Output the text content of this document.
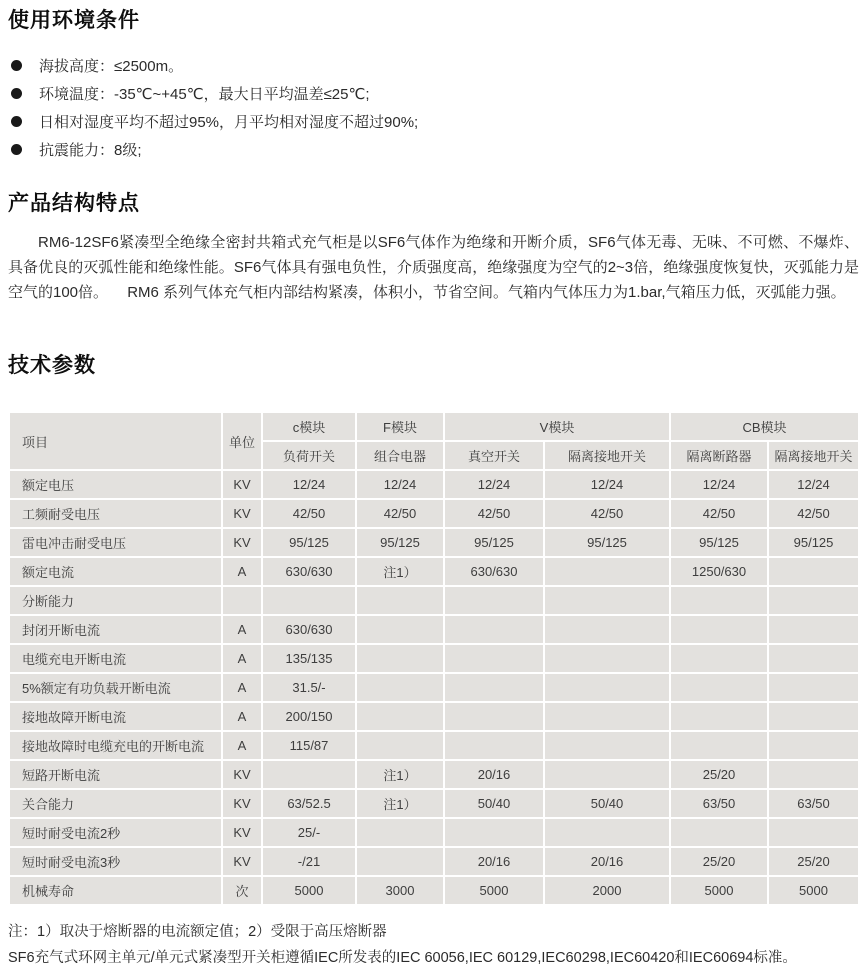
使用环境条件
海拔高度：≤2500m。
环境温度：-35℃~+45℃，最大日平均温差≤25℃;
日相对湿度平均不超过95%，月平均相对湿度不超过90%;
抗震能力：8级;
产品结构特点

RM6-12SF6紧凑型全绝缘全密封共箱式充气柜是以SF6气体作为绝缘和开断介质，SF6气体无毒、无味、不可燃、不爆炸、具备优良的灭弧性能和绝缘性能。SF6气体具有强电负性，介质强度高，绝缘强度为空气的2~3倍，绝缘强度恢复快，灭弧能力是空气的100倍。 　RM6 系列气体充气柜内部结构紧凑，体积小，节省空间。气箱内气体压力为1.bar,气箱压力低，灭弧能力强。

技术参数
项目	单位	c模块	F模块	V模块		CB模块	
		负荷开关	组合电器	真空开关	隔离接地开关	隔离断路器	隔离接地开关
额定电压	KV	12/24	12/24	12/24	12/24	12/24	12/24
工频耐受电压	KV	42/50	42/50	42/50	42/50	42/50	42/50
雷电冲击耐受电压	KV	95/125	95/125	95/125	95/125	95/125	95/125
额定电流	A	630/630	注1）	630/630		1250/630	
分断能力							
封闭开断电流	A	630/630					
电缆充电开断电流	A	135/135					
5%额定有功负载开断电流	A	31.5/-					
接地故障开断电流	A	200/150					
接地故障时电缆充电的开断电流	A	115/87					
短路开断电流	KV		注1）	20/16		25/20	
关合能力	KV	63/52.5	注1）	50/40	50/40	63/50	63/50
短时耐受电流2秒	KV	25/-					
短时耐受电流3秒	KV	-/21		20/16	20/16	25/20	25/20
机械寿命	次	5000	3000	5000	2000	5000	5000
注：1）取决于熔断器的电流额定值；2）受限于高压熔断器
SF6充气式环网主单元/单元式紧凑型开关柜遵循IEC所发表的IEC 60056,IEC 60129,IEC60298,IEC60420和IEC60694标准。
